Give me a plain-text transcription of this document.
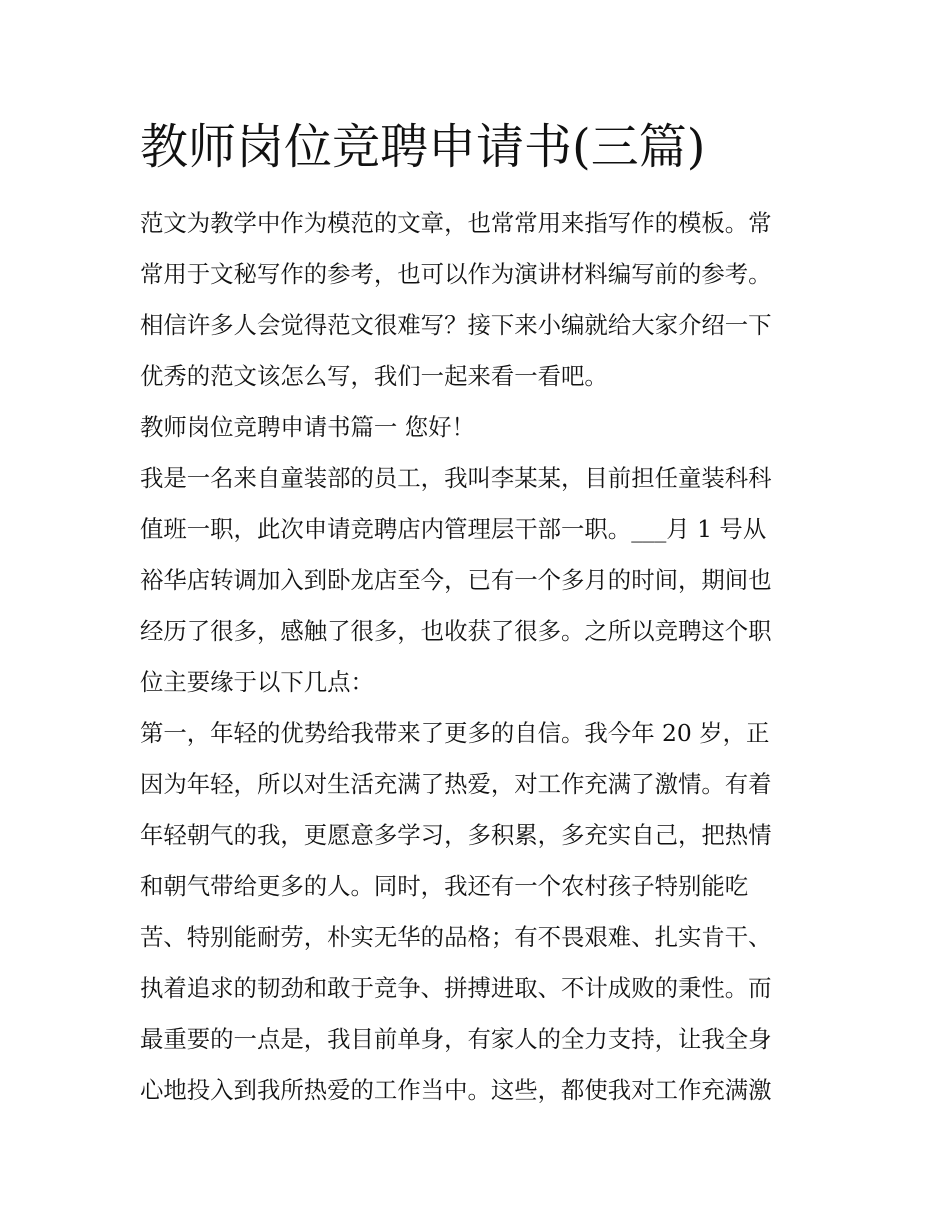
教师岗位竞聘申请书(三篇)
范文为教学中作为模范的文章，也常常用来指写作的模板。常
常用于文秘写作的参考，也可以作为演讲材料编写前的参考。
相信许多人会觉得范文很难写？接下来小编就给大家介绍一下
优秀的范文该怎么写，我们一起来看一看吧。
教师岗位竞聘申请书篇一 您好！
我是一名来自童装部的员工，我叫李某某，目前担任童装科科
值班一职，此次申请竞聘店内管理层干部一职。___月 1 号从
裕华店转调加入到卧龙店至今，已有一个多月的时间，期间也
经历了很多，感触了很多，也收获了很多。之所以竞聘这个职
位主要缘于以下几点：
第一，年轻的优势给我带来了更多的自信。我今年 20 岁，正
因为年轻，所以对生活充满了热爱，对工作充满了激情。有着
年轻朝气的我，更愿意多学习，多积累，多充实自己，把热情
和朝气带给更多的人。同时，我还有一个农村孩子特别能吃
苦、特别能耐劳，朴实无华的品格；有不畏艰难、扎实肯干、
执着追求的韧劲和敢于竞争、拼搏进取、不计成败的秉性。而
最重要的一点是，我目前单身，有家人的全力支持，让我全身
心地投入到我所热爱的工作当中。这些，都使我对工作充满激
